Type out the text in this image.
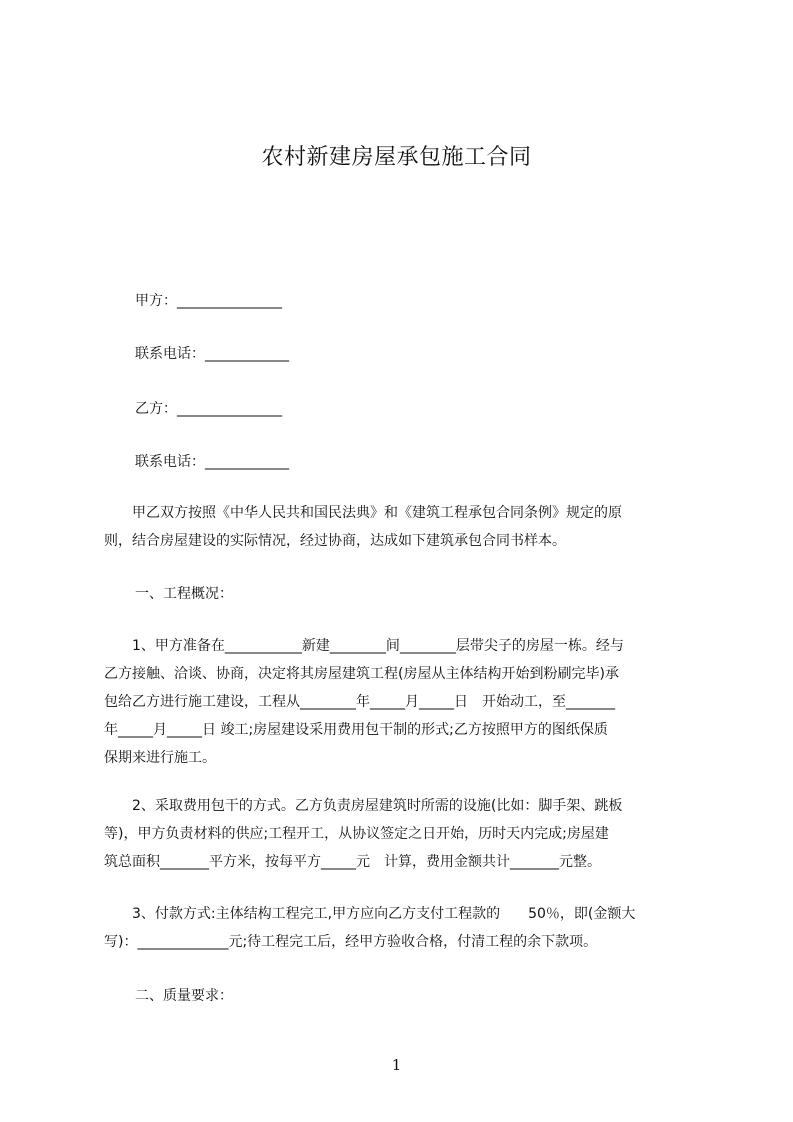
农村新建房屋承包施工合同
甲方：_______________
联系电话：____________
乙方：_______________
联系电话：____________
　　甲乙双方按照《中华人民共和国民法典》和《建筑工程承包合同条例》规定的原
则，结合房屋建设的实际情况，经过协商，达成如下建筑承包合同书样本。
一、工程概况：
　　1、甲方准备在___________新建________间________层带尖子的房屋一栋。经与
乙方接触、洽谈、协商，决定将其房屋建筑工程(房屋从主体结构开始到粉刷完毕)承
包给乙方进行施工建设，工程从________年_____月_____日　开始动工，至_______
年_____月_____日 竣工;房屋建设采用费用包干制的形式;乙方按照甲方的图纸保质
保期来进行施工。
　　2、采取费用包干的方式。乙方负责房屋建筑时所需的设施(比如：脚手架、跳板
等)，甲方负责材料的供应;工程开工，从协议签定之日开始，历时天内完成;房屋建
筑总面积_______平方米，按每平方_____元　计算，费用金额共计_______元整。
　　3、付款方式:主体结构工程完工,甲方应向乙方支付工程款的　　50％，即(金额大
写)：_____________元;待工程完工后，经甲方验收合格，付清工程的余下款项。
二、质量要求：
1
